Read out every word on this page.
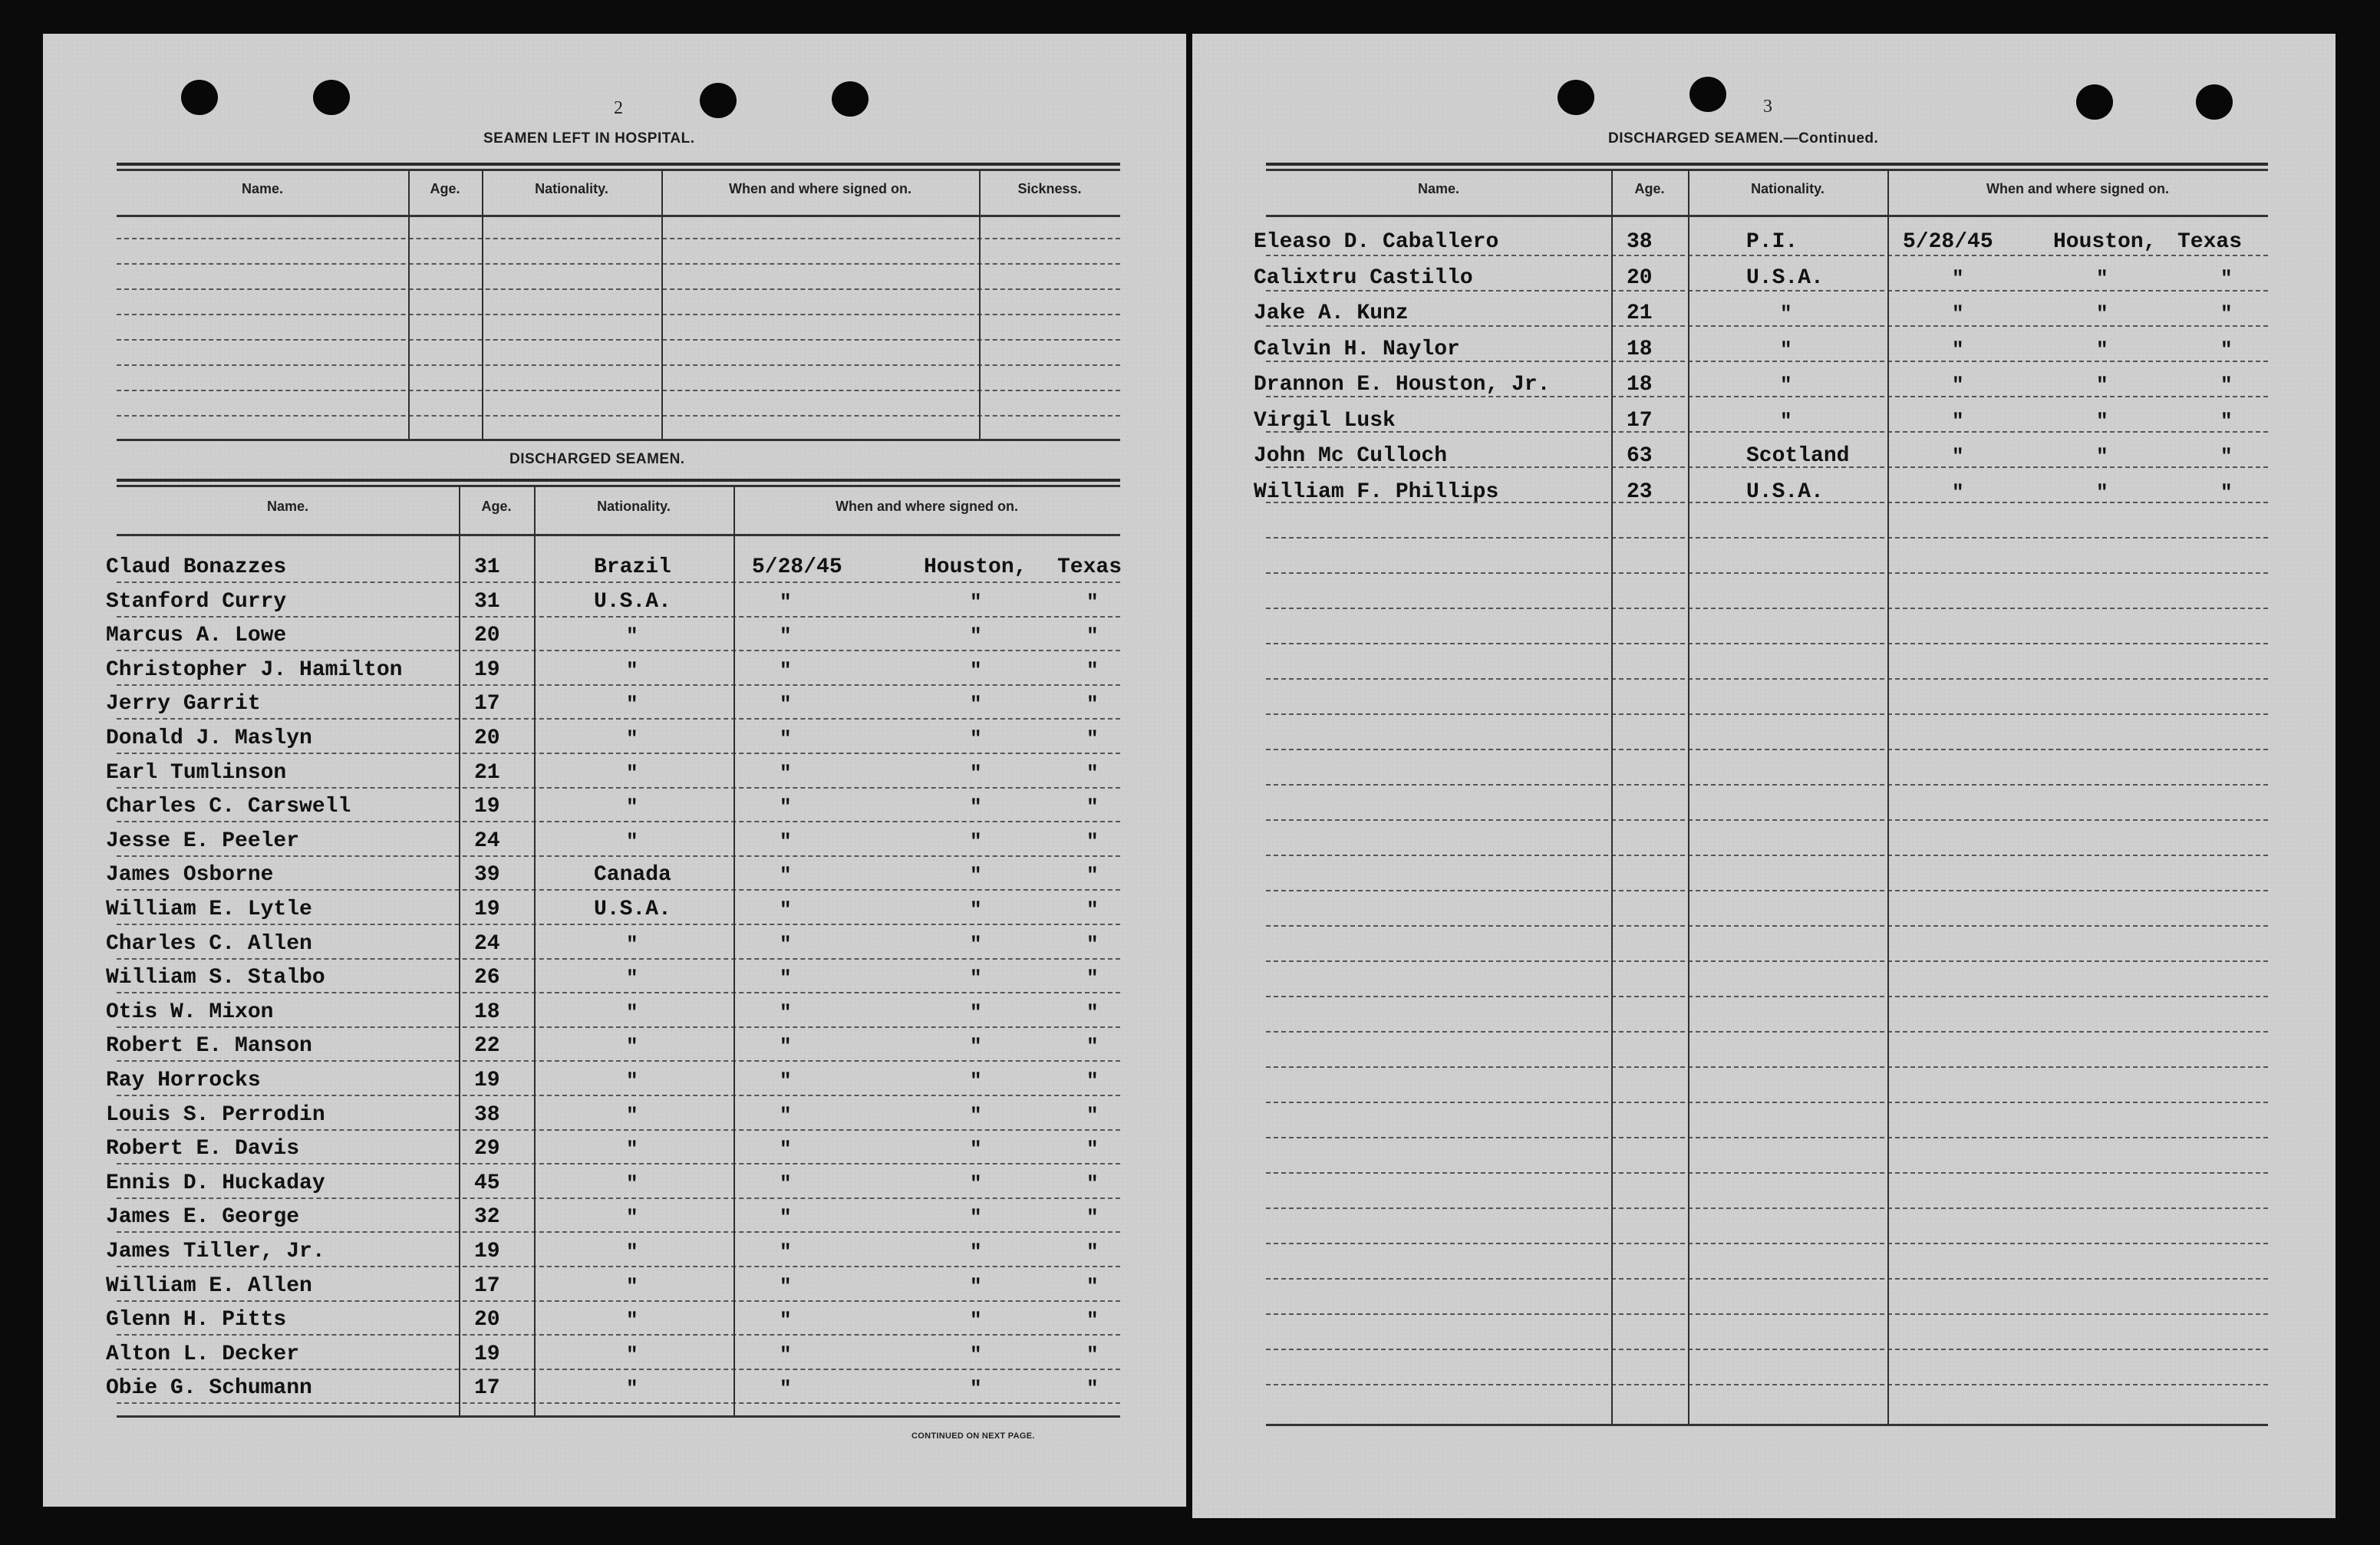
2
SEAMEN LEFT IN HOSPITAL.
Name.	Age.	Nationality.	When and where signed on.	Sickness.
DISCHARGED SEAMEN.
Name.	Age.	Nationality.	When and where signed on.
Claud Bonazzes	31	Brazil	5/28/45	Houston, Texas
Stanford Curry	31	U.S.A.	"	"	"
Marcus A. Lowe	20	"	"	"	"
Christopher J. Hamilton	19	"	"	"	"
Jerry Garrit	17	"	"	"	"
Donald J. Maslyn	20	"	"	"	"
Earl Tumlinson	21	"	"	"	"
Charles C. Carswell	19	"	"	"	"
Jesse E. Peeler	24	"	"	"	"
James Osborne	39	Canada	"	"	"
William E. Lytle	19	U.S.A.	"	"	"
Charles C. Allen	24	"	"	"	"
William S. Stalbo	26	"	"	"	"
Otis W. Mixon	18	"	"	"	"
Robert E. Manson	22	"	"	"	"
Ray Horrocks	19	"	"	"	"
Louis S. Perrodin	38	"	"	"	"
Robert E. Davis	29	"	"	"	"
Ennis D. Huckaday	45	"	"	"	"
James E. George	32	"	"	"	"
James Tiller, Jr.	19	"	"	"	"
William E. Allen	17	"	"	"	"
Glenn H. Pitts	20	"	"	"	"
Alton L. Decker	19	"	"	"	"
Obie G. Schumann	17	"	"	"	"
CONTINUED ON NEXT PAGE.
3
DISCHARGED SEAMEN.—Continued.
Name.	Age.	Nationality.	When and where signed on.
Eleaso D. Caballero	38	P.I.	5/28/45	Houston, Texas
Calixtru Castillo	20	U.S.A.	"	"	"
Jake A. Kunz	21	"	"	"	"
Calvin H. Naylor	18	"	"	"	"
Drannon E. Houston, Jr.	18	"	"	"	"
Virgil Lusk	17	"	"	"	"
John Mc Culloch	63	Scotland	"	"	"
William F. Phillips	23	U.S.A.	"	"	"
